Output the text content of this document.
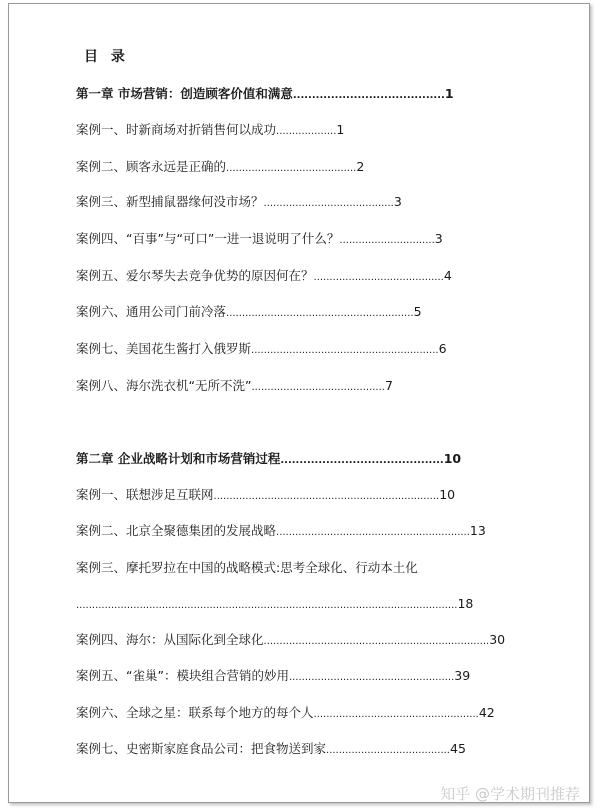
目 录
第一章 市场营销：创造顾客价值和满意........................................1
案例一、时新商场对折销售何以成功...................1
案例二、顾客永远是正确的.........................................2
案例三、新型捕鼠器缘何没市场？.........................................3
案例四、“百事”与“可口”一进一退说明了什么？..............................3
案例五、爱尔琴失去竞争优势的原因何在？.........................................4
案例六、通用公司门前冷落...........................................................5
案例七、美国花生酱打入俄罗斯...........................................................6
案例八、海尔洗衣机“无所不洗”..........................................7
第二章 企业战略计划和市场营销过程...........................................10
案例一、联想涉足互联网.......................................................................10
案例二、北京全聚德集团的发展战略.............................................................13
案例三、摩托罗拉在中国的战略模式:思考全球化、行动本土化
........................................................................................................................18
案例四、海尔：从国际化到全球化.......................................................................30
案例五、“雀巢”：模块组合营销的妙用....................................................39
案例六、全球之星：联系每个地方的每个人....................................................42
案例七、史密斯家庭食品公司：把食物送到家.......................................45
知乎 @学术期刊推荐
